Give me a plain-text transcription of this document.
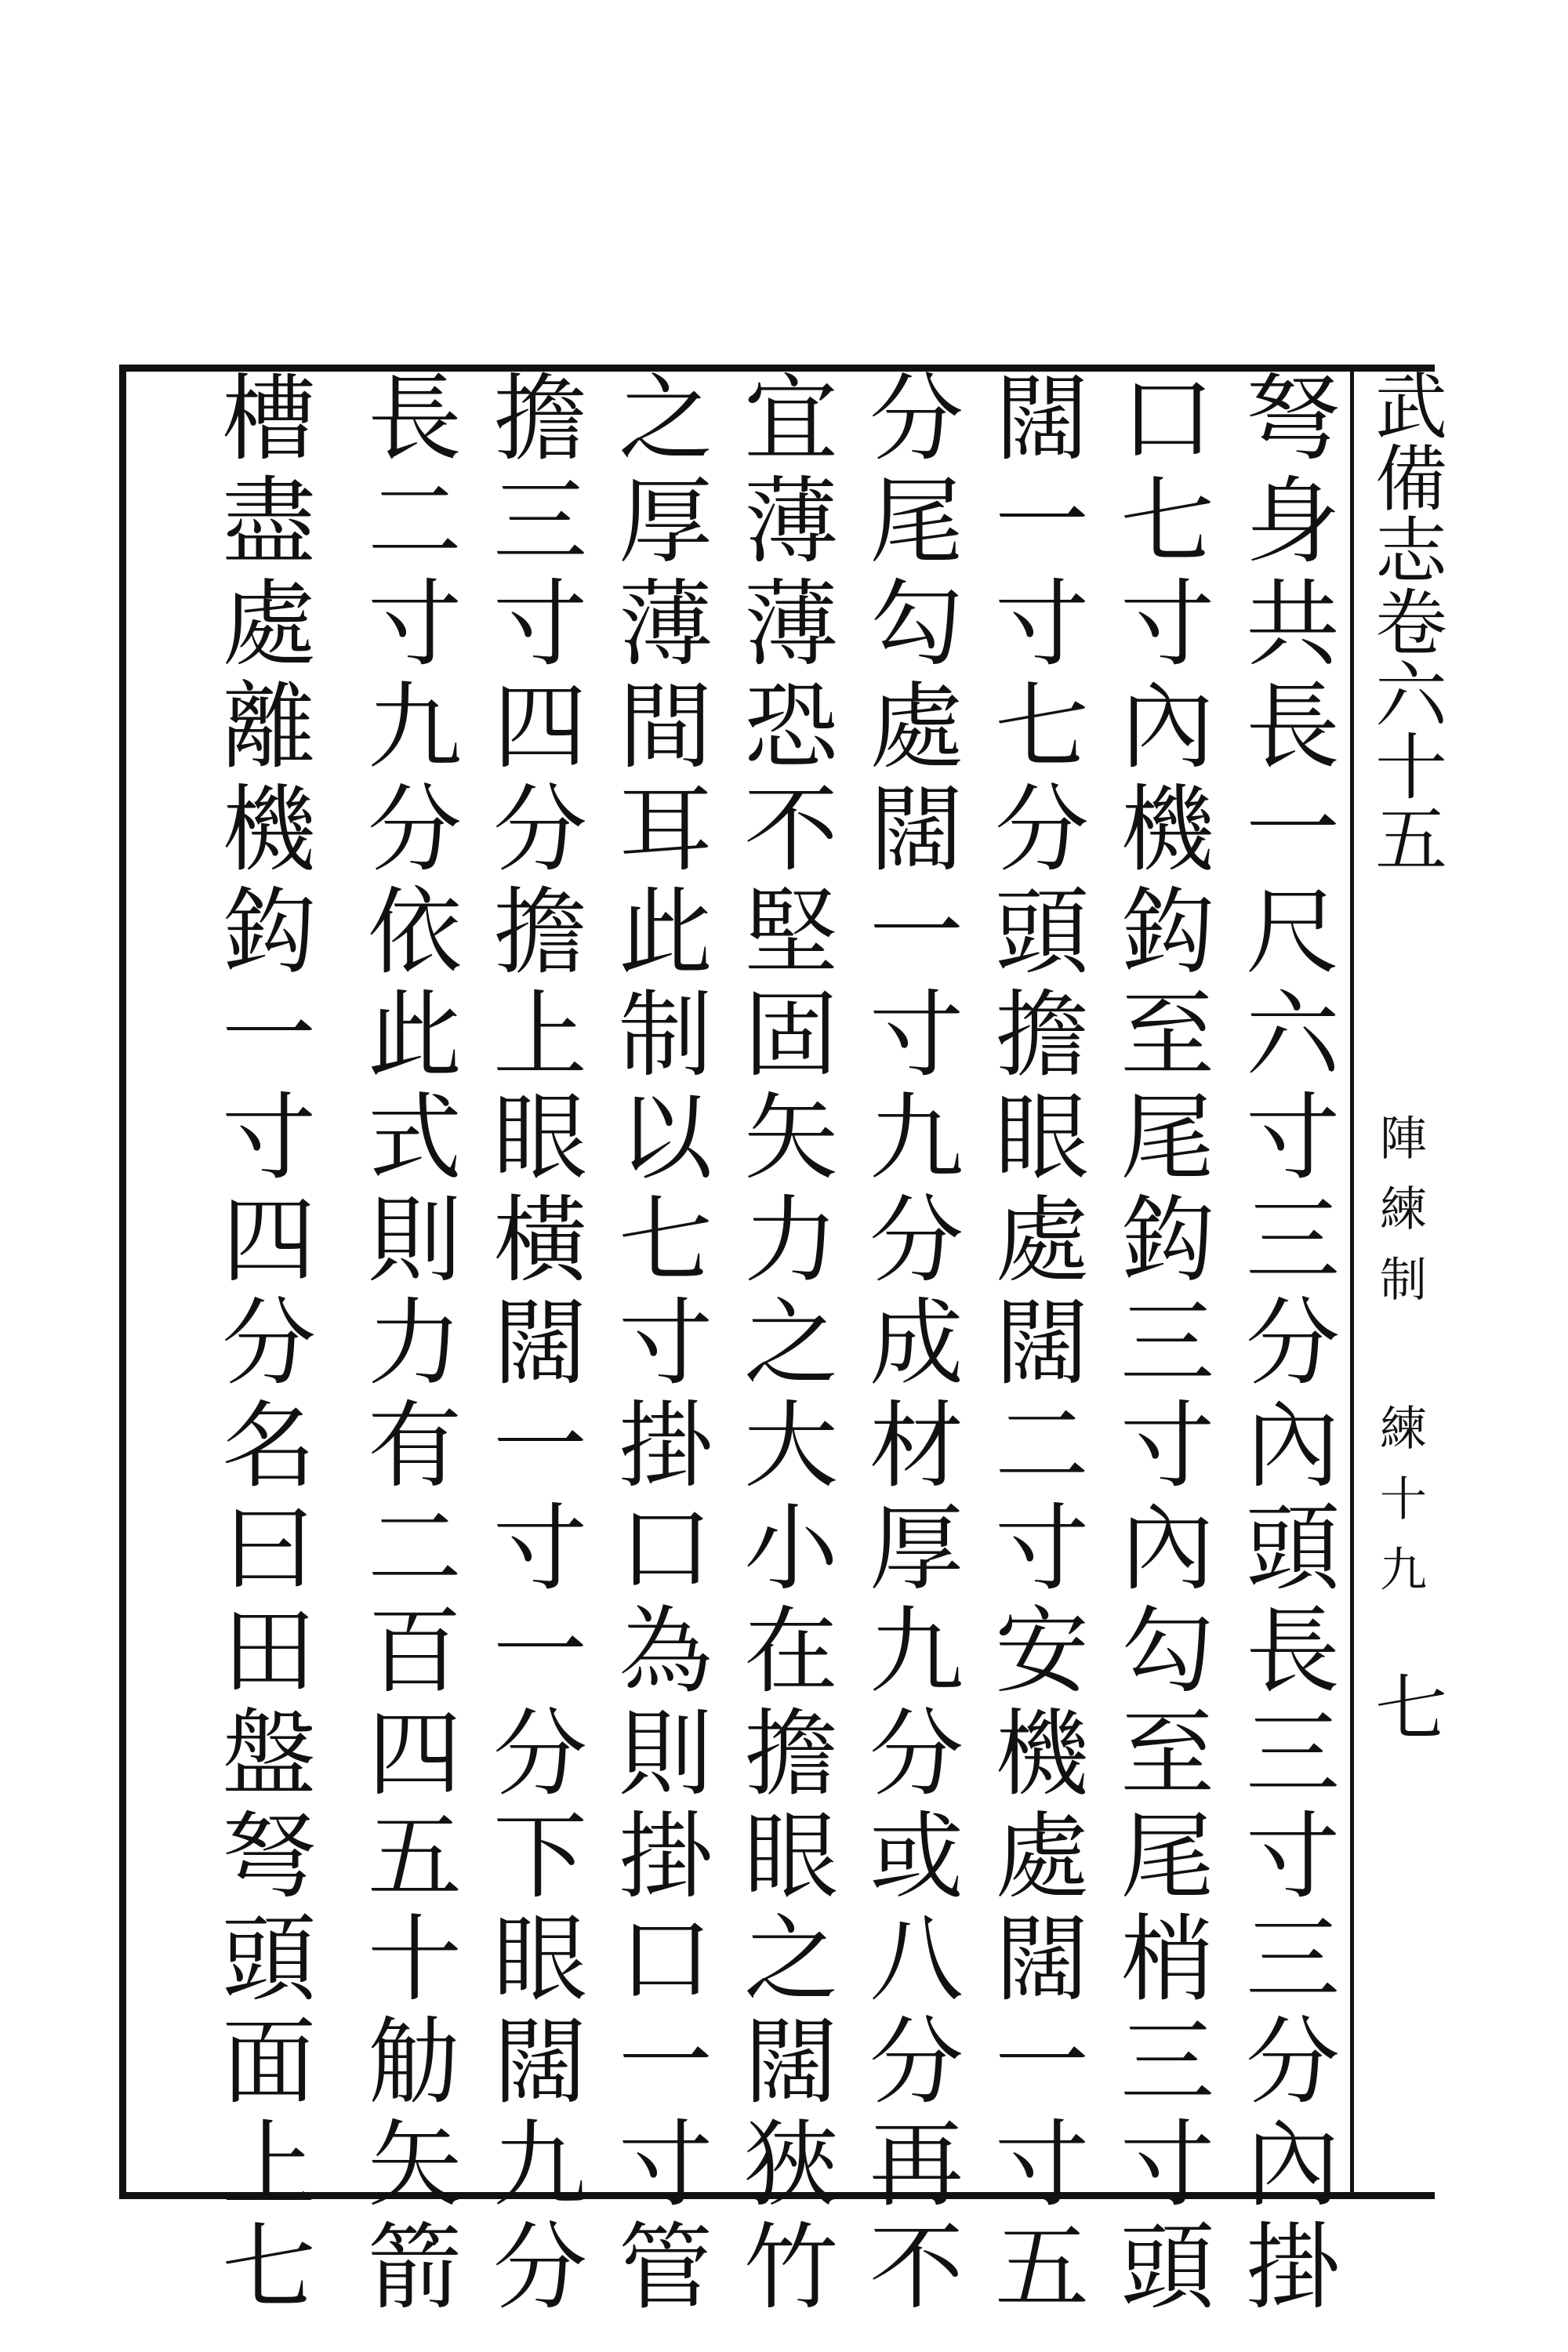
武備志卷六十五
陣練制 練十九
七
弩身共長一尺六寸三分內頭長三寸三分內掛
口七寸內機鈎至尾鈎三寸內勾至尾梢三寸頭
闊一寸七分頭擔眼處闊二寸安機處闊一寸五
分尾勾處闊一寸九分成材厚九分或八分再不
宜薄薄恐不堅固矢力之大小在擔眼之闊狹竹
之厚薄間耳此制以七寸掛口為則掛口一寸管
擔三寸四分擔上眼橫闊一寸一分下眼闊九分
長二寸九分依此式則力有二百四五十觔矢箭
槽盡處離機鈎一寸四分名曰田盤弩頭面上七
